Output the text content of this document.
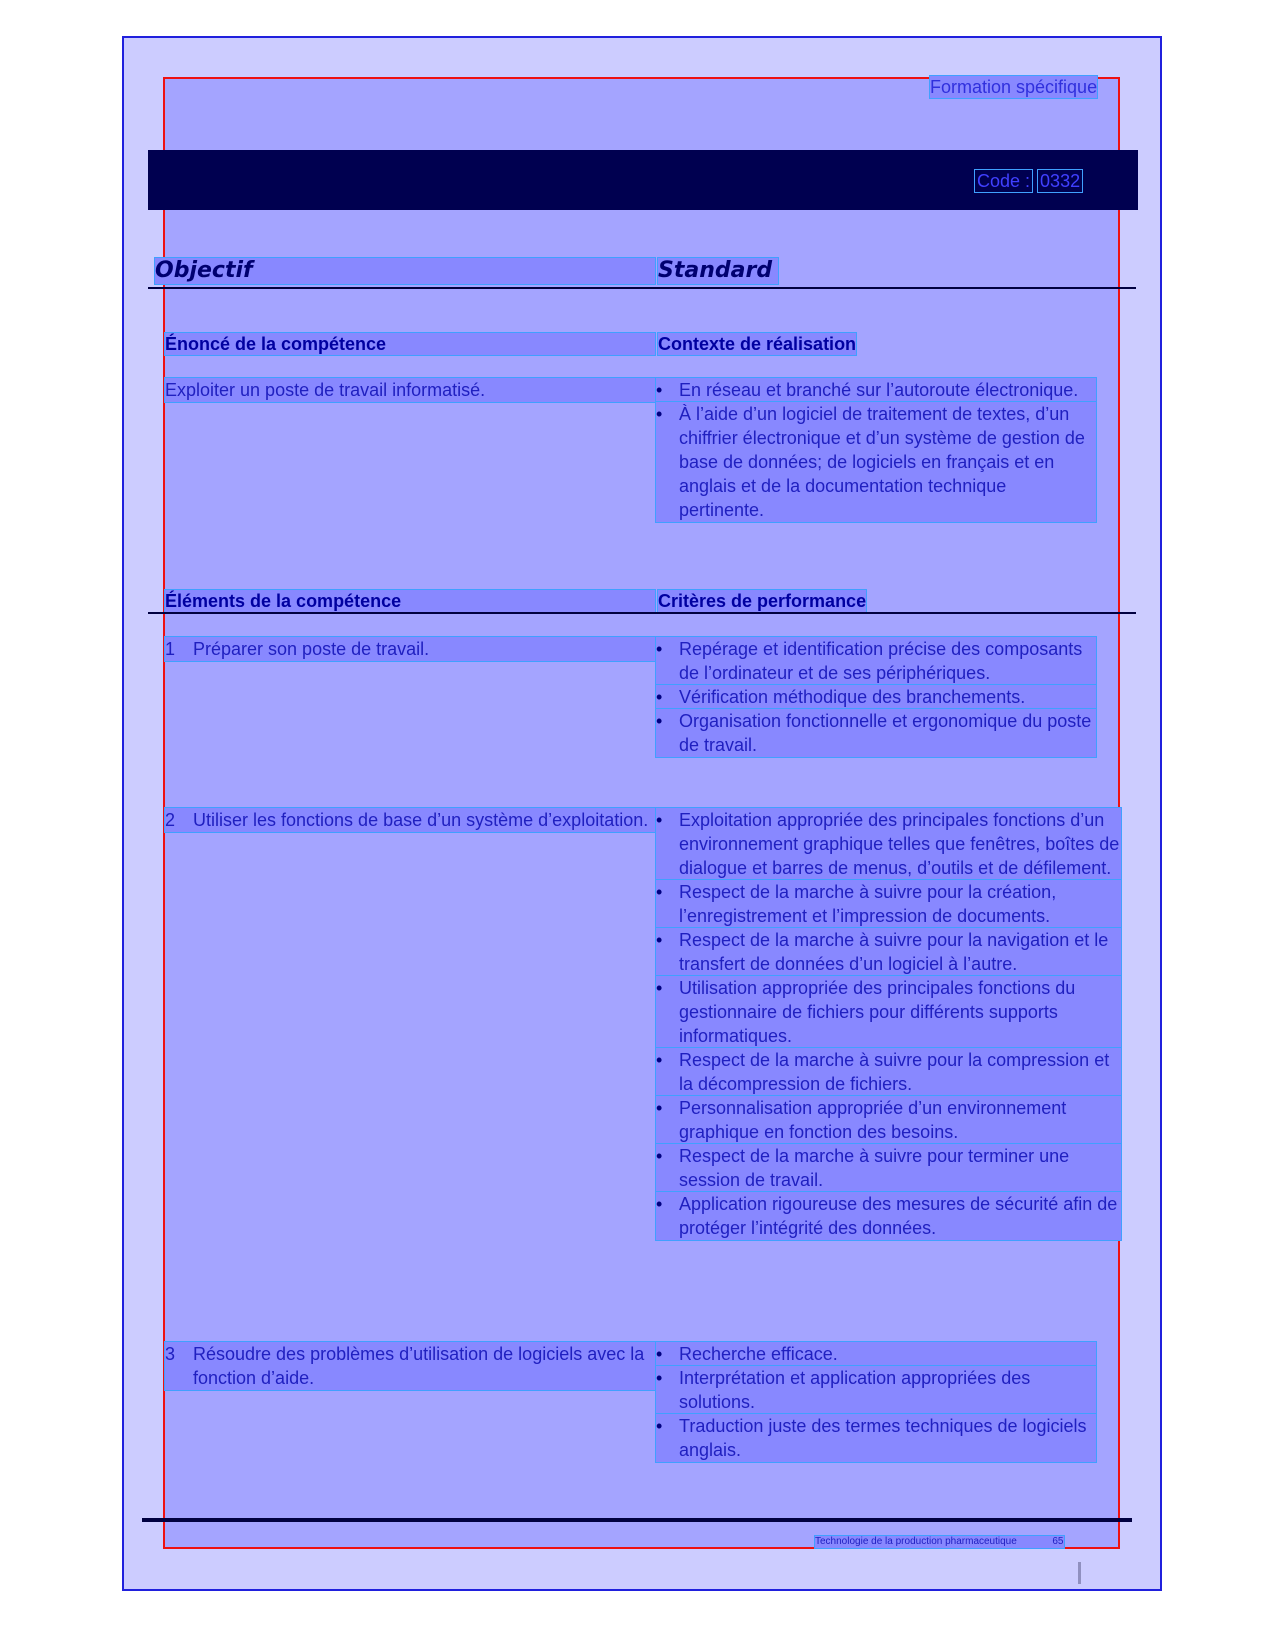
Formation spécifique
Code : 0332
Objectif	Standard
Énoncé de la compétence	Contexte de réalisation
Exploiter un poste de travail informatisé.	• En réseau et branché sur l’autoroute électronique.
• À l’aide d’un logiciel de traitement de textes, d’un chiffrier électronique et d’un système de gestion de base de données; de logiciels en français et en anglais et de la documentation technique pertinente.
Éléments de la compétence	Critères de performance
1 Préparer son poste de travail.	• Repérage et identification précise des composants de l’ordinateur et de ses périphériques.
• Vérification méthodique des branchements.
• Organisation fonctionnelle et ergonomique du poste de travail.
2 Utiliser les fonctions de base d’un système d’exploitation.	• Exploitation appropriée des principales fonctions d’un environnement graphique telles que fenêtres, boîtes de dialogue et barres de menus, d’outils et de défilement.
• Respect de la marche à suivre pour la création, l’enregistrement et l’impression de documents.
• Respect de la marche à suivre pour la navigation et le transfert de données d’un logiciel à l’autre.
• Utilisation appropriée des principales fonctions du gestionnaire de fichiers pour différents supports informatiques.
• Respect de la marche à suivre pour la compression et la décompression de fichiers.
• Personnalisation appropriée d’un environnement graphique en fonction des besoins.
• Respect de la marche à suivre pour terminer une session de travail.
• Application rigoureuse des mesures de sécurité afin de protéger l’intégrité des données.
3 Résoudre des problèmes d’utilisation de logiciels avec la fonction d’aide.
• Recherche efficace.
• Interprétation et application appropriées des solutions.
• Traduction juste des termes techniques de logiciels anglais.
Technologie de la production pharmaceutique	65
